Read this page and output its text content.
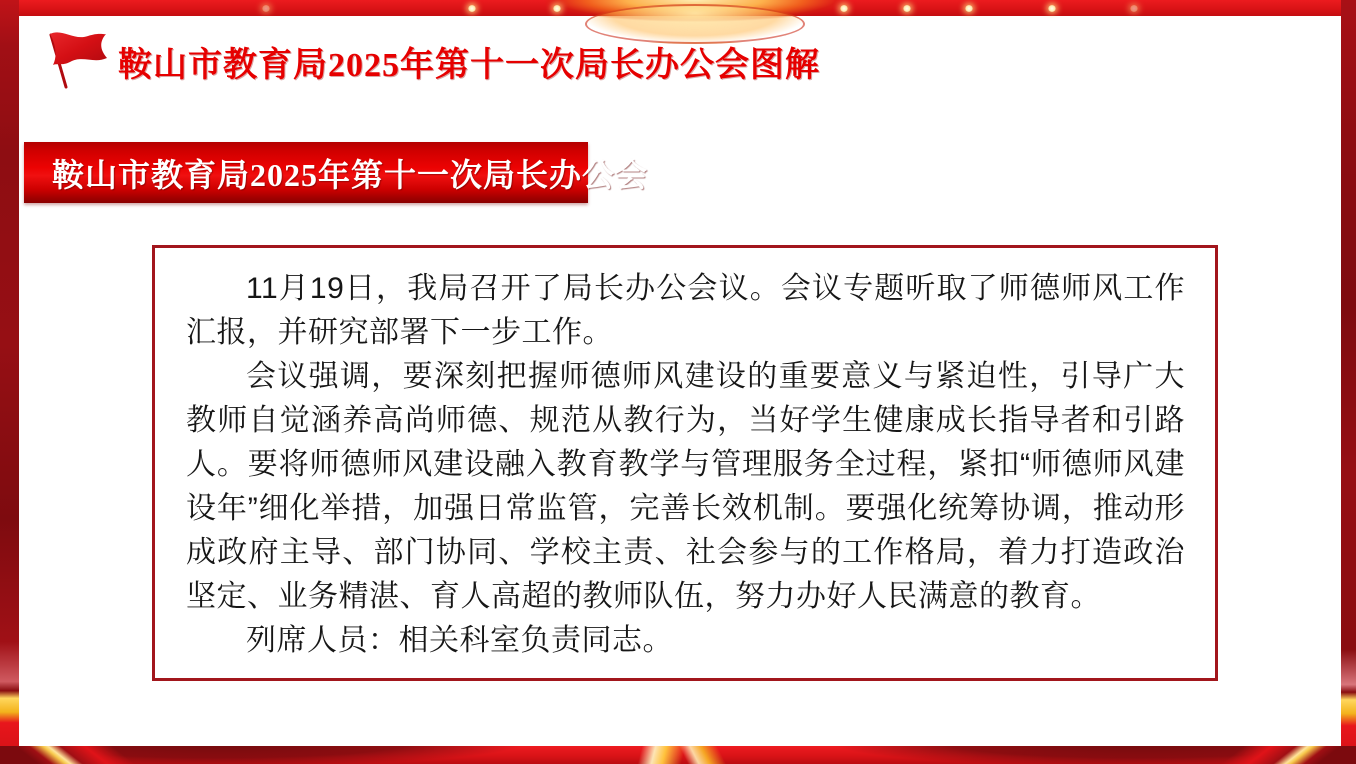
鞍山市教育局2025年第十一次局长办公会图解
鞍山市教育局2025年第十一次局长办公会

11月19日，我局召开了局长办公会议。会议专题听取了师德师风工作汇报，并研究部署下一步工作。

会议强调，要深刻把握师德师风建设的重要意义与紧迫性，引导广大教师自觉涵养高尚师德、规范从教行为，当好学生健康成长指导者和引路人。要将师德师风建设融入教育教学与管理服务全过程，紧扣“师德师风建设年”细化举措，加强日常监管，完善长效机制。要强化统筹协调，推动形成政府主导、部门协同、学校主责、社会参与的工作格局，着力打造政治坚定、业务精湛、育人高超的教师队伍，努力办好人民满意的教育。

列席人员：相关科室负责同志。
